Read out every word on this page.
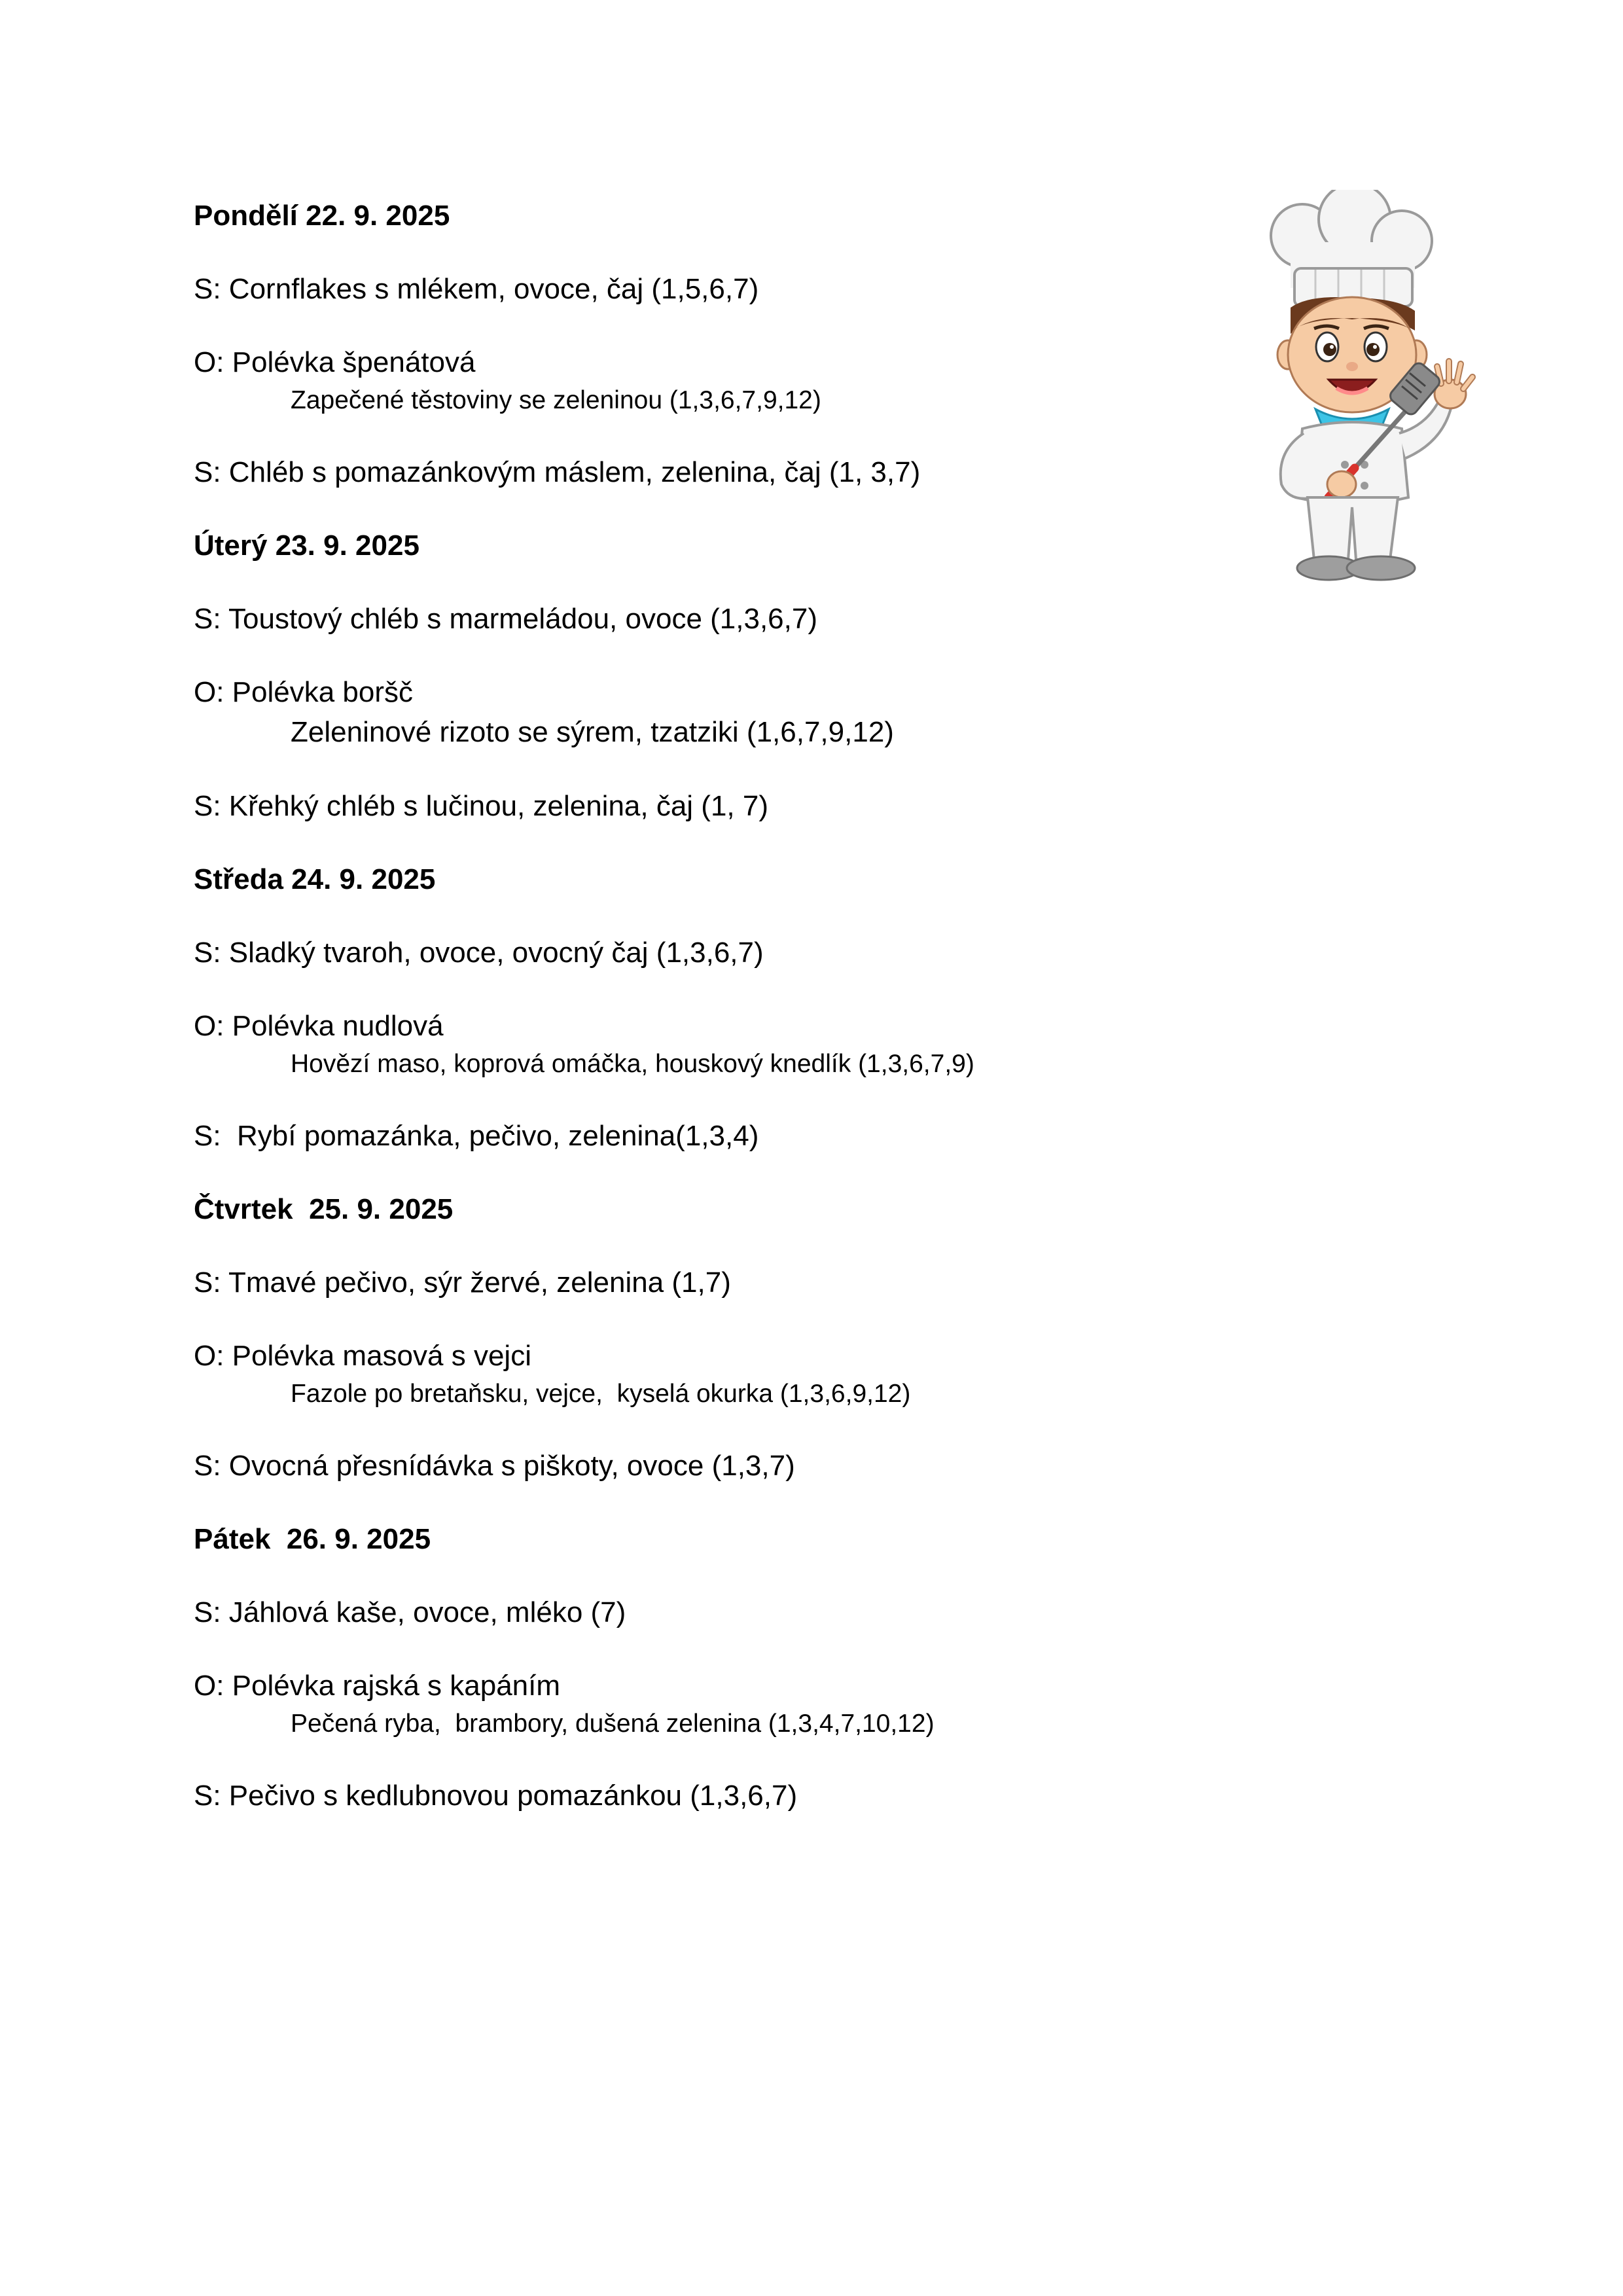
Pondělí 22. 9. 2025
S: Cornflakes s mlékem, ovoce, čaj (1,5,6,7)
O: Polévka špenátová
Zapečené těstoviny se zeleninou (1,3,6,7,9,12)
S: Chléb s pomazánkovým máslem, zelenina, čaj (1, 3,7)
Úterý 23. 9. 2025
S: Toustový chléb s marmeládou, ovoce (1,3,6,7)
O: Polévka boršč
Zeleninové rizoto se sýrem, tzatziki (1,6,7,9,12)
S: Křehký chléb s lučinou, zelenina, čaj (1, 7)
Středa 24. 9. 2025
S: Sladký tvaroh, ovoce, ovocný čaj (1,3,6,7)
O: Polévka nudlová
Hovězí maso, koprová omáčka, houskový knedlík (1,3,6,7,9)
S:  Rybí pomazánka, pečivo, zelenina(1,3,4)
Čtvrtek  25. 9. 2025
S: Tmavé pečivo, sýr žervé, zelenina (1,7)
O: Polévka masová s vejci
Fazole po bretaňsku, vejce,  kyselá okurka (1,3,6,9,12)
S: Ovocná přesnídávka s piškoty, ovoce (1,3,7)
Pátek  26. 9. 2025
S: Jáhlová kaše, ovoce, mléko (7)
O: Polévka rajská s kapáním
Pečená ryba,  brambory, dušená zelenina (1,3,4,7,10,12)
S: Pečivo s kedlubnovou pomazánkou (1,3,6,7)
